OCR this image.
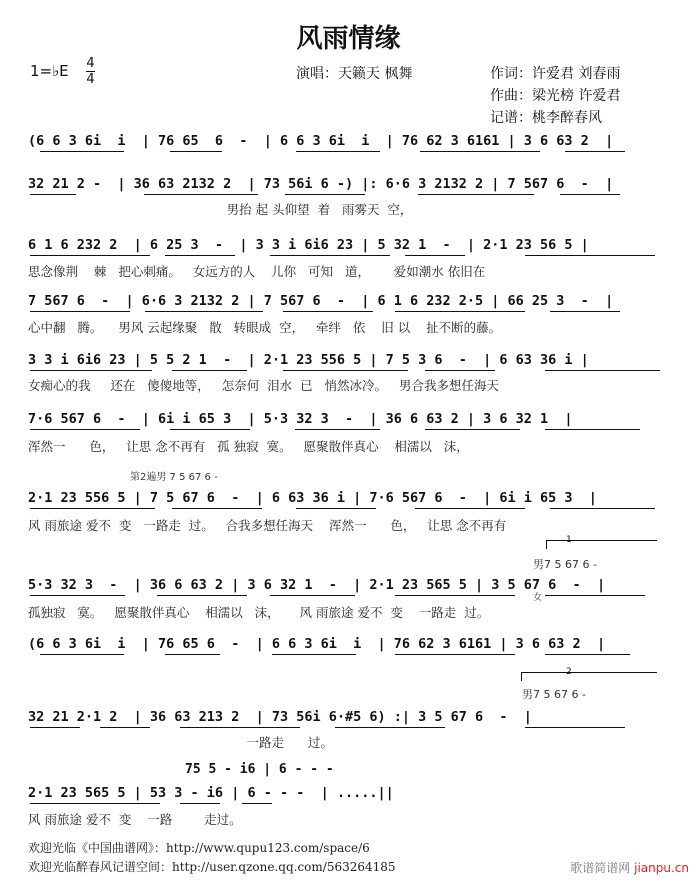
风雨情缘
1=♭E 4
4	演唱：天籁天 枫舞	作词：许爱君 刘春雨
作曲：梁光榜 许爱君
记谱：桃李醉春风
(6 6 3 6i  i  | 76 65  6  -  | 6 6 3 6i  i  | 76 62 3 6161 | 3 6 63 2  |
32 21 2 -  | 36 63 2132 2  | 73 56i 6 -) |: 6·6 3 2132 2 | 7 567 6  -  |
男抬 起 头仰望  着   雨雾天  空，
6 1 6 232 2  | 6 25 3  -  | 3 3 i 6i6 23 | 5 32 1  -  | 2·1 23 56 5 |
思念像荆    棘   把心刺痛。   女远方的人    儿你   可知   道，      爱如潮水 依旧在
7 567 6  -  | 6·6 3 2132 2 | 7 567 6  -  | 6 1 6 232 2·5 | 66 25 3  -  |
心中翻   腾。    男风 云起缘聚   散   转眼成  空，   牵绊   依    旧 以    扯不断的藤。
3 3 i 6i6 23 | 5 5 2 1  -  | 2·1 23 556 5 | 7 5 3 6  -  | 6 63 36 i |
女痴心的我     还在   傻傻地等，   怎奈何  泪水  已   悄然冰冷。   男合我多想任海天
7·6 567 6  -  | 6i i 65 3  | 5·3 32 3  -  | 36 6 63 2 | 3 6 32 1  |
浑然一      色，   让思 念不再有   孤 独寂  寞。   愿聚散伴真心    相濡以   沫，
第2遍男 7 5 67 6 -
2·1 23 556 5 | 7 5 67 6  -  | 6 63 36 i | 7·6 567 6  -  | 6i i 65 3  |
风 雨旅途 爱不  变   一路走  过。   合我多想任海天    浑然一      色，   让思 念不再有
1
男7 5 67 6 -
5·3 32 3  -  | 36 6 63 2 | 3 6 32 1  -  | 2·1 23 565 5 | 3 5 67 6  -  |
女
孤独寂   寞。   愿聚散伴真心    相濡以   沫，     风 雨旅途 爱不  变    一路走  过。
(6 6 3 6i  i  | 76 65 6  -  | 6 6 3 6i  i  | 76 62 3 6161 | 3 6 63 2  |
2
男7 5 67 6 -
32 21 2·1 2  | 36 63 213 2  | 73 56i 6·#5 6) :| 3 5 67 6  -  |
一路走      过。
75 5 - i6 | 6 - - -
2·1 23 565 5 | 53 3 - i6 | 6 - - -  | .....||
风 雨旅途 爱不  变    一路        走过。
欢迎光临《中国曲谱网》：http://www.qupu123.com/space/6
欢迎光临醉春风记谱空间：http://user.qzone.qq.com/563264185	歌谱简谱网 jianpu.cn
